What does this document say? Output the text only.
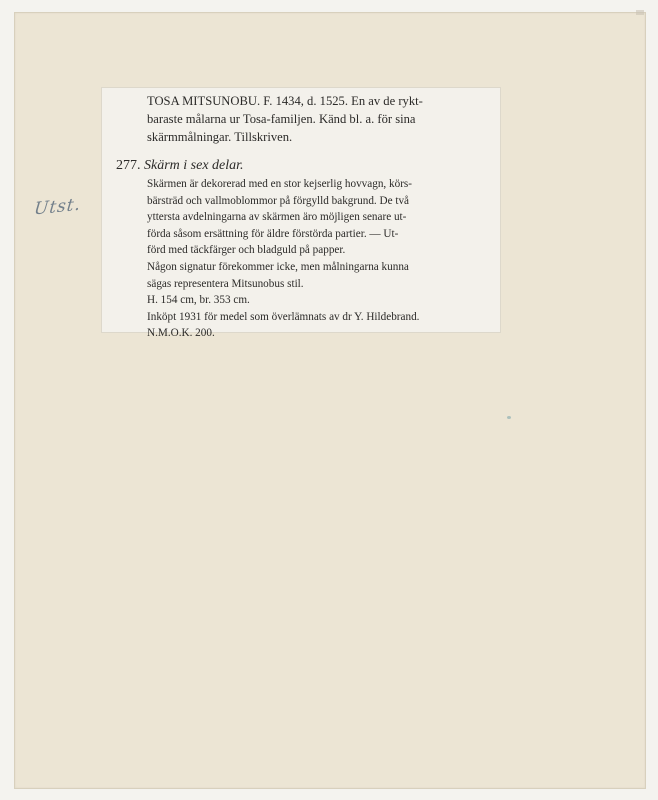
TOSA MITSUNOBU. F. 1434, d. 1525. En av de rykt-
baraste målarna ur Tosa-familjen. Känd bl. a. för sina
skärmmålningar. Tillskriven.
277. Skärm i sex delar.
Skärmen är dekorerad med en stor kejserlig hovvagn, körs-
bärsträd och vallmoblommor på förgylld bakgrund. De två
yttersta avdelningarna av skärmen äro möjligen senare ut-
förda såsom ersättning för äldre förstörda partier. — Ut-
förd med täckfärger och bladguld på papper.
Någon signatur förekommer icke, men målningarna kunna
sägas representera Mitsunobus stil.
H. 154 cm, br. 353 cm.
Inköpt 1931 för medel som överlämnats av dr Y. Hildebrand.
N.M.O.K. 200.
Utst.
